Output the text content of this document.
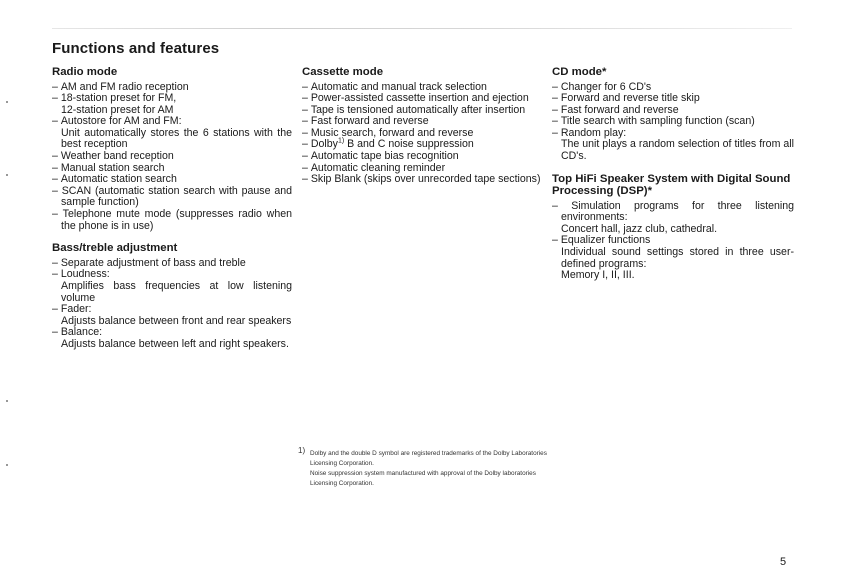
Functions and features
Radio mode
– AM and FM radio reception
– 18-station preset for FM,
12-station preset for AM
– Autostore for AM and FM:
Unit automatically stores the 6 stations with the best reception
– Weather band reception
– Manual station search
– Automatic station search
– SCAN (automatic station search with pause and sample function)
– Telephone mute mode (suppresses radio when the phone is in use)
Bass/treble adjustment
– Separate adjustment of bass and treble
– Loudness:
Amplifies bass frequencies at low listening volume
– Fader:
Adjusts balance between front and rear speakers
– Balance:
Adjusts balance between left and right speakers.
Cassette mode
– Automatic and manual track selection
– Power-assisted cassette insertion and ejection
– Tape is tensioned automatically after insertion
– Fast forward and reverse
– Music search, forward and reverse
– Dolby$^{1)}$ B and C noise suppression
– Automatic tape bias recognition
– Automatic cleaning reminder
– Skip Blank (skips over unrecorded tape sections)
CD mode*
– Changer for 6 CD's
– Forward and reverse title skip
– Fast forward and reverse
– Title search with sampling function (scan)
– Random play:
The unit plays a random selection of titles from all CD's.
Top HiFi Speaker System with Digital Sound Processing (DSP)*
– Simulation programs for three listening environments:
Concert hall, jazz club, cathedral.
– Equalizer functions
Individual sound settings stored in three user-defined programs:
Memory I, II, III.
1) Dolby and the double D symbol are registered trademarks of the Dolby Laboratories Licensing Corporation.
Noise suppression system manufactured with approval of the Dolby laboratories Licensing Corporation.
5
